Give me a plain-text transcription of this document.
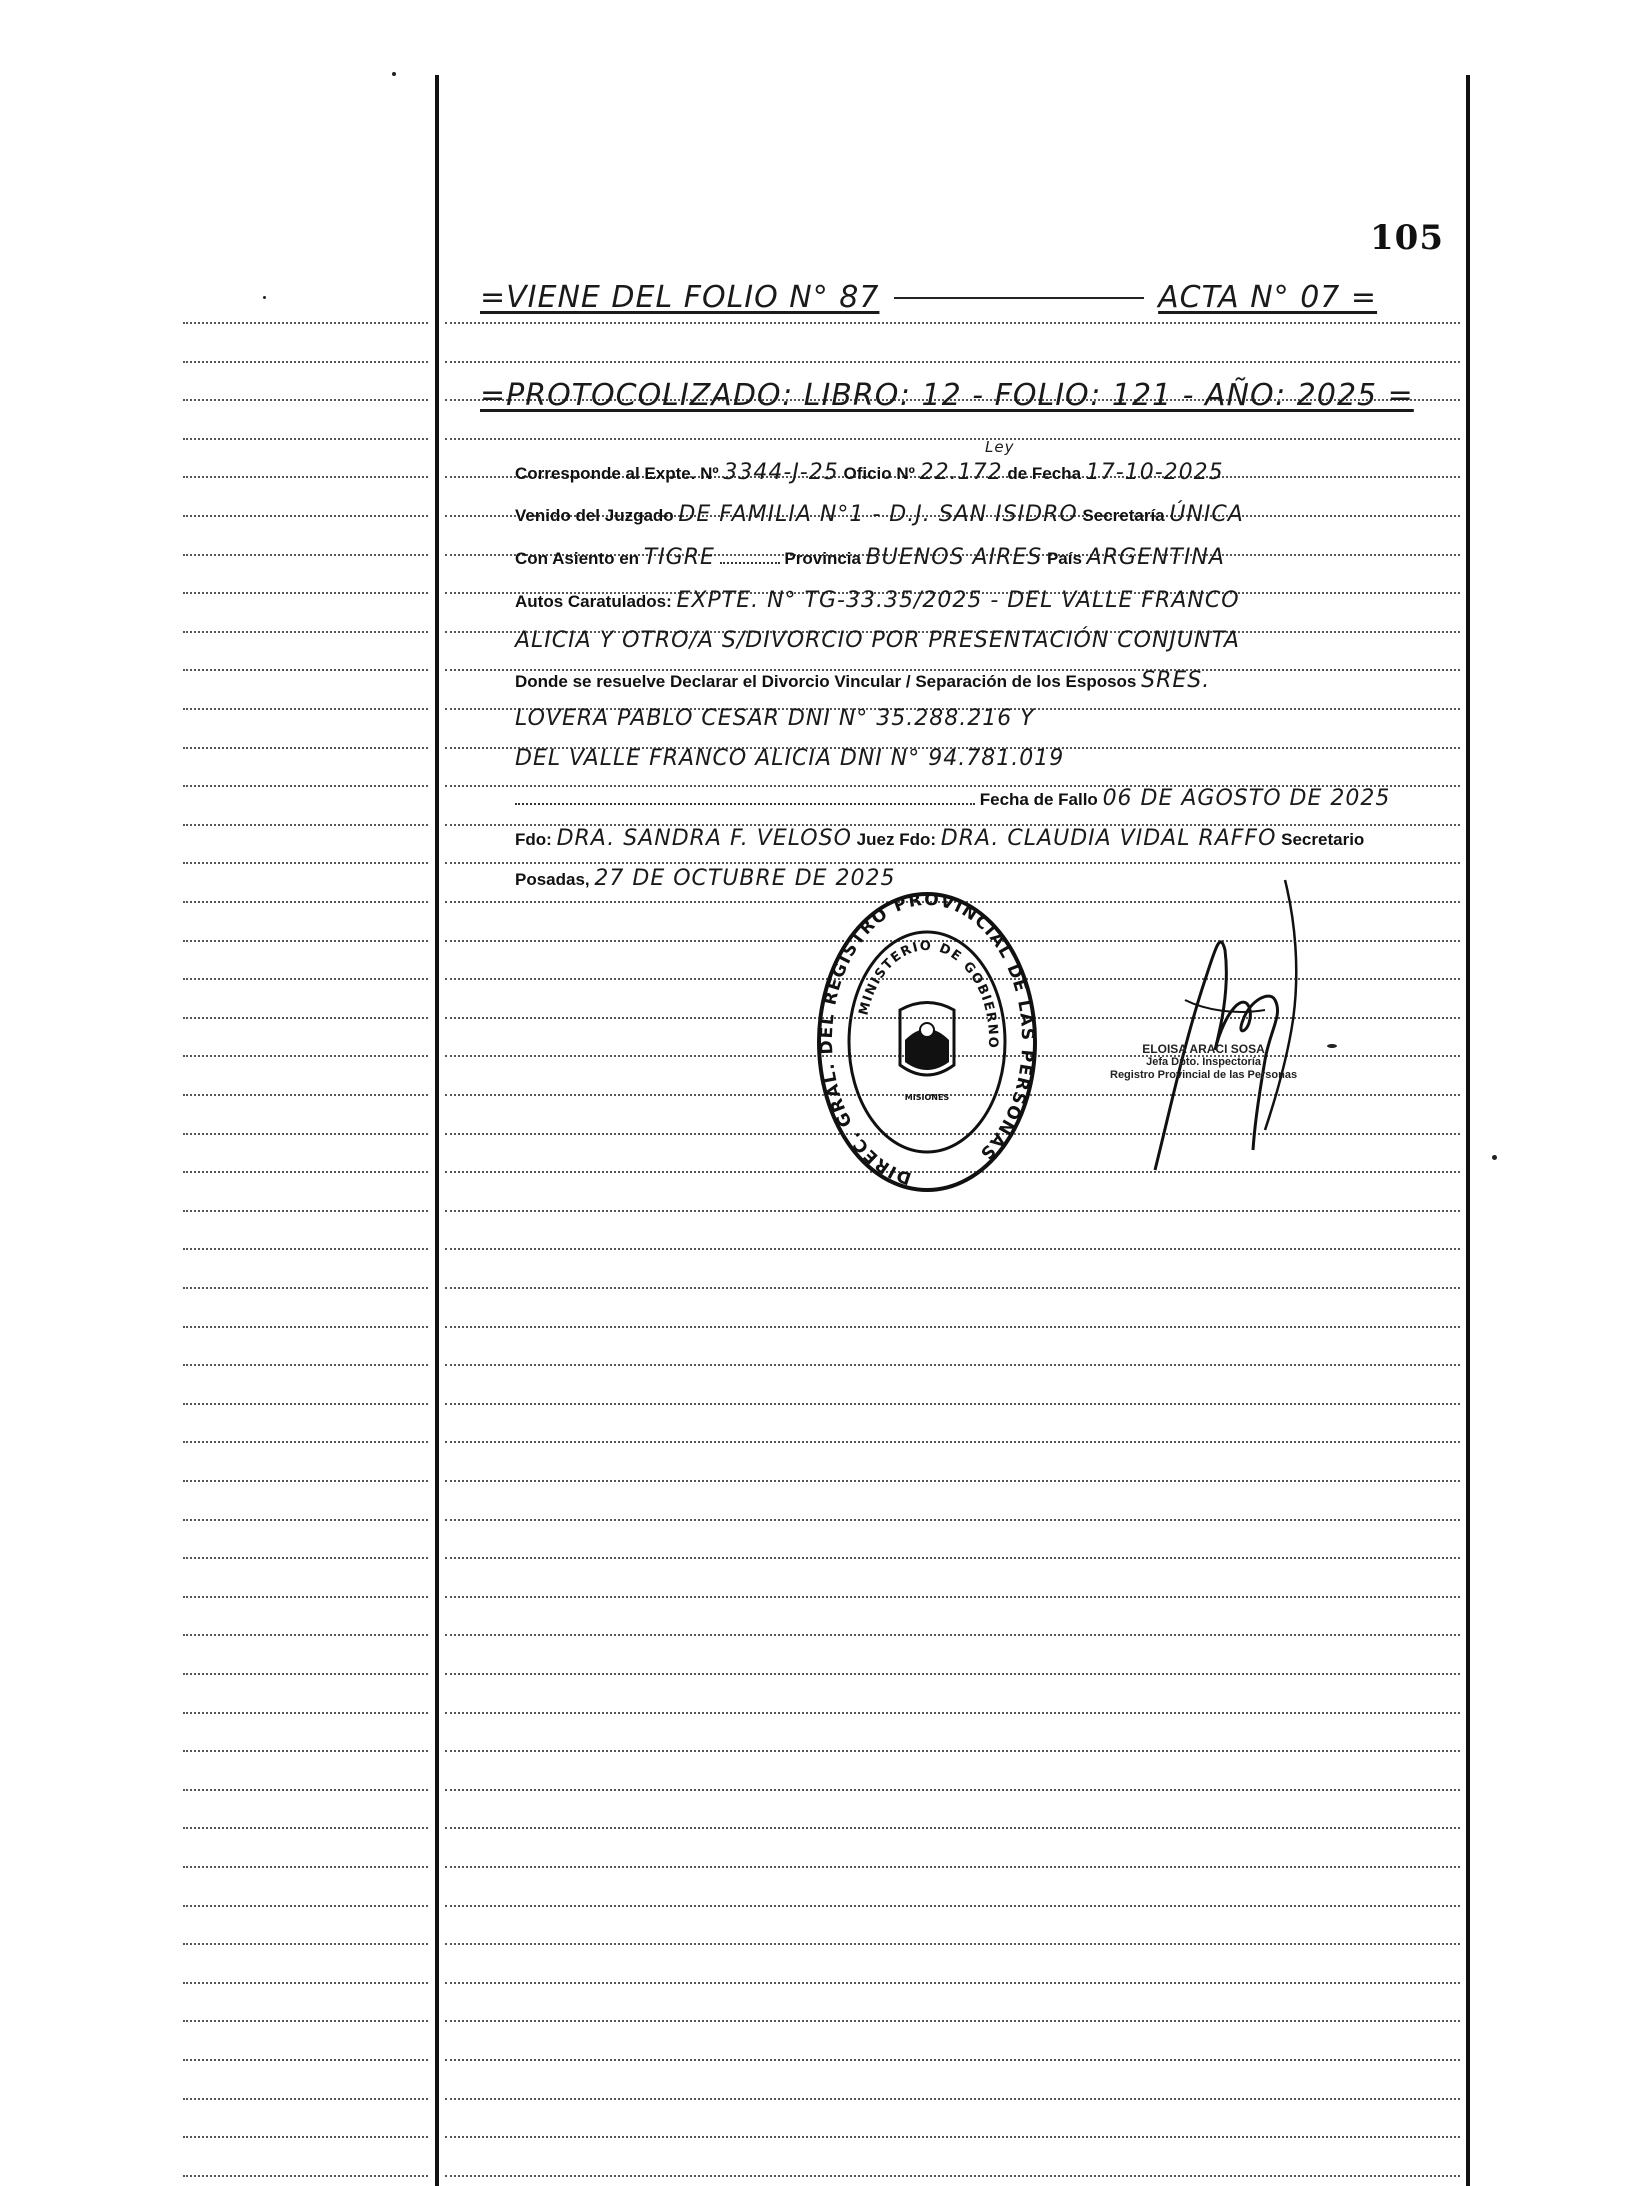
105
=VIENE DEL FOLIO N° 87	ACTA N° 07 =
=PROTOCOLIZADO: LIBRO: 12 - FOLIO: 121 - AÑO: 2025 =
Ley
Corresponde al Expte. Nº 3344-J-25 Oficio Nº 22.172 de Fecha 17-10-2025
Venido del Juzgado DE FAMILIA N°1 - D.J. SAN ISIDRO Secretaría ÚNICA
Con Asiento en TIGRE	Provincia BUENOS AIRES País ARGENTINA
Autos Caratulados: EXPTE. N° TG-33.35/2025 - DEL VALLE FRANCO
ALICIA Y OTRO/A S/DIVORCIO POR PRESENTACIÓN CONJUNTA
Donde se resuelve Declarar el Divorcio Vincular / Separación de los Esposos SRES.
LOVERA PABLO CESAR DNI N° 35.288.216 Y
DEL VALLE FRANCO ALICIA DNI N° 94.781.019
Fecha de Fallo 06 DE AGOSTO DE 2025
Fdo: DRA. SANDRA F. VELOSO Juez Fdo: DRA. CLAUDIA VIDAL RAFFO Secretario
Posadas, 27 DE OCTUBRE DE 2025
DIREC. GRAL. DEL REGISTRO PROVINCIAL DE LAS PERSONAS
MINISTERIO DE GOBIERNO
MISIONES
ELOISA ARACI SOSA
Jefa Dpto. Inspectoría
Registro Provincial de las Personas
